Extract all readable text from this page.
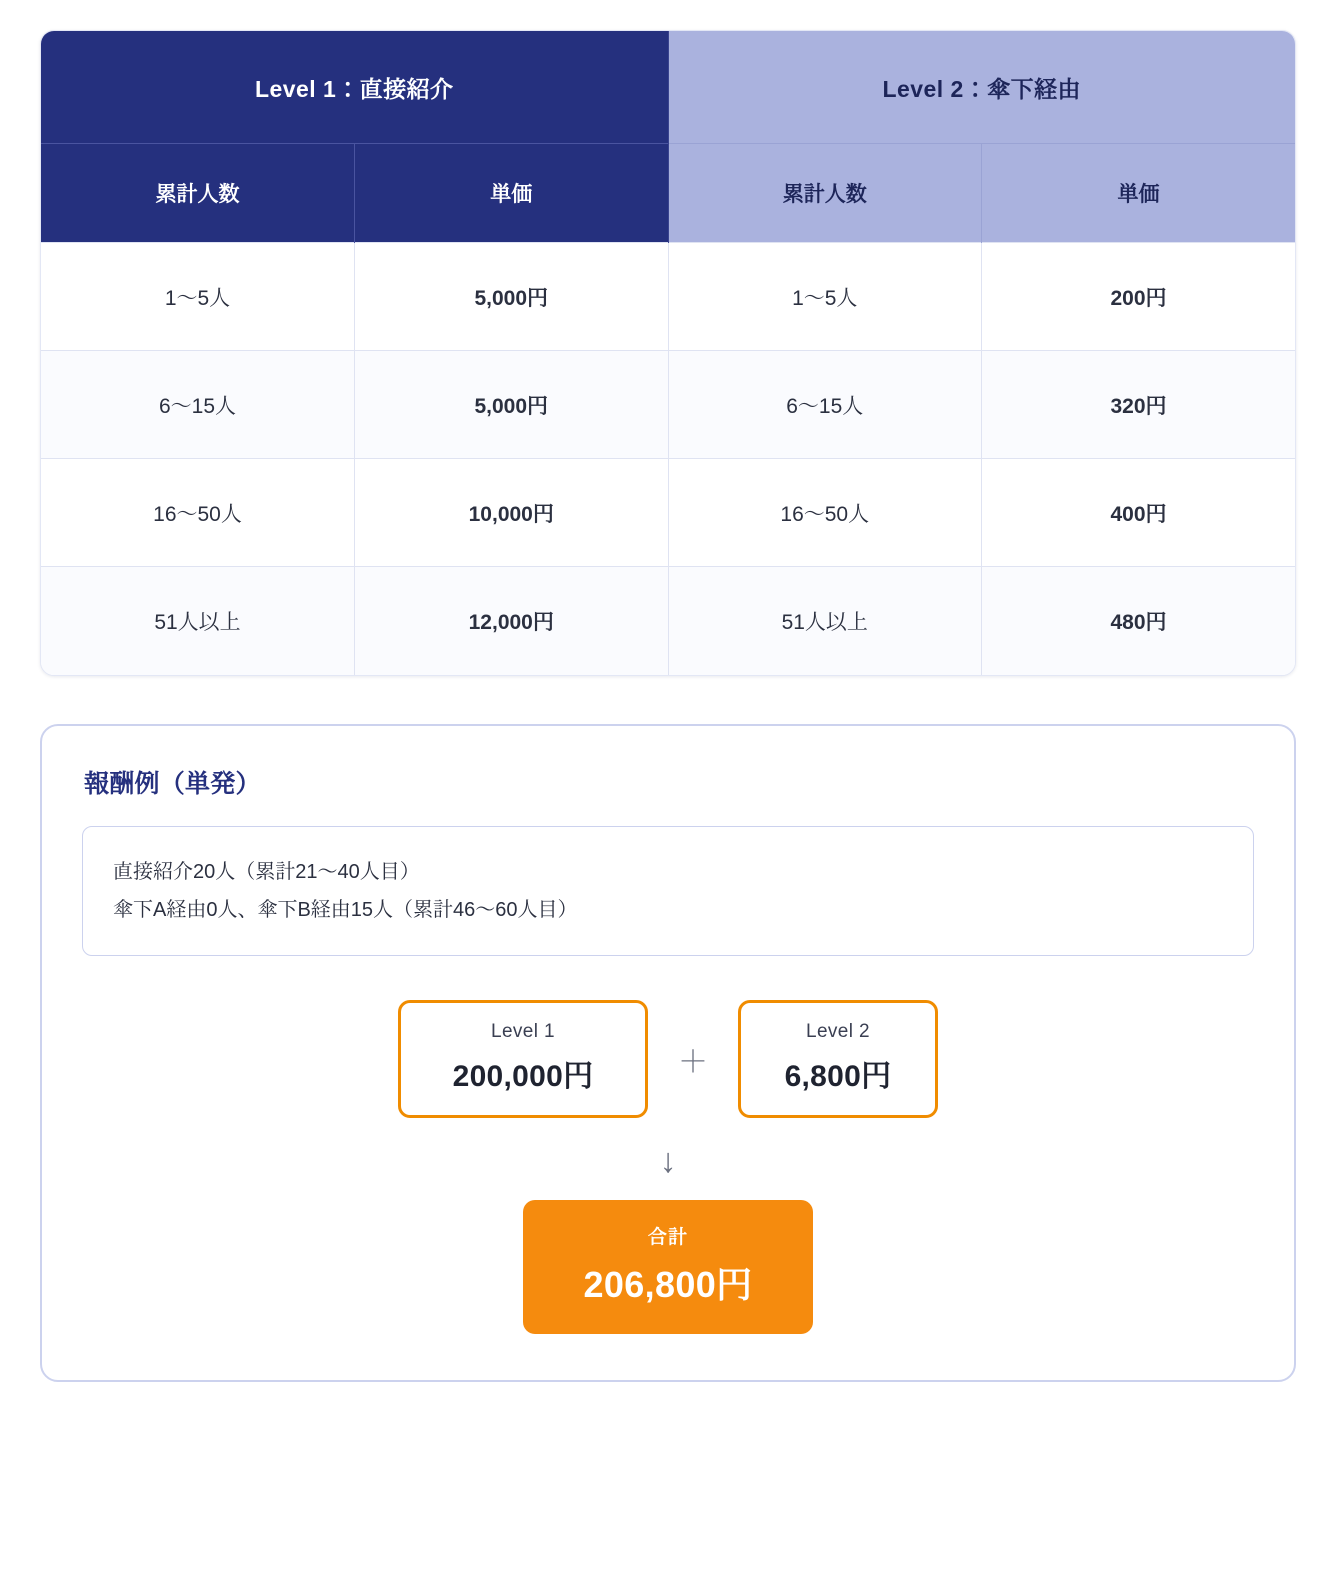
Level 1：直接紹介		Level 2：傘下経由	
累計人数	単価	累計人数	単価
1〜5人	5,000円	1〜5人	200円
6〜15人	5,000円	6〜15人	320円
16〜50人	10,000円	16〜50人	400円
51人以上	12,000円	51人以上	480円
報酬例（単発）
直接紹介20人（累計21〜40人目）
傘下A経由0人、傘下B経由15人（累計46〜60人目）
Level 1
200,000円	＋
Level 2
6,800円
↓
合計
206,800円
